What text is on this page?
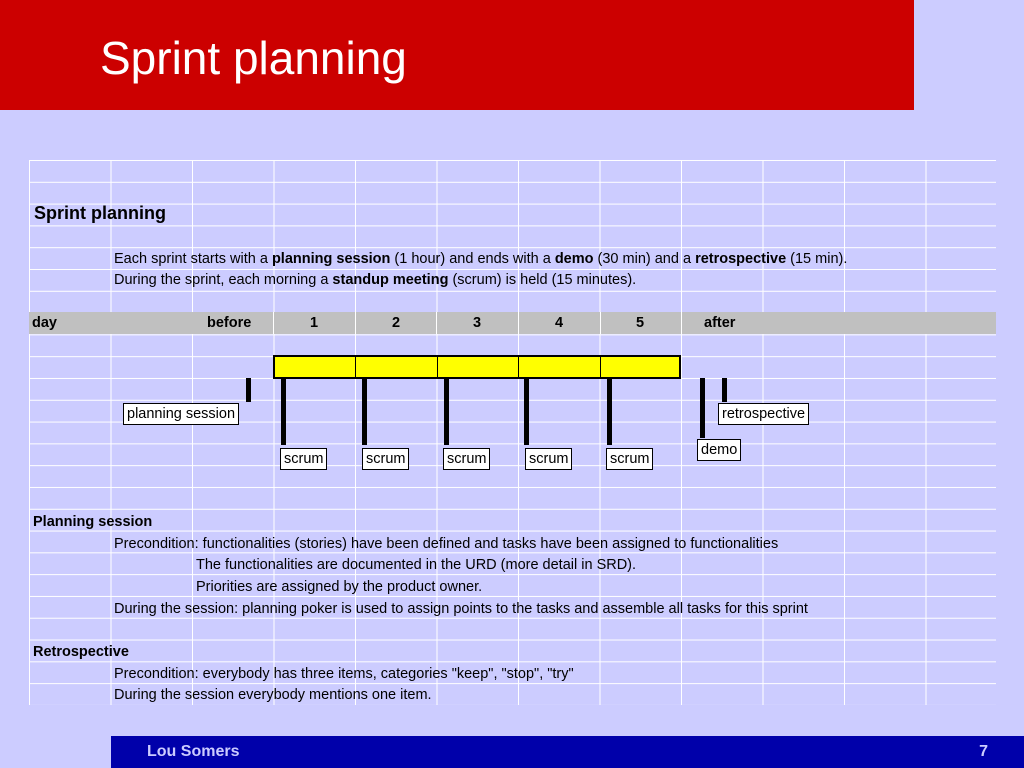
Sprint planning
Sprint planning
Each sprint starts with a planning session (1 hour) and ends with a demo (30 min) and a retrospective (15 min).
During the sprint, each morning a standup meeting (scrum) is held (15 minutes).
day	before	1	2	3	4	5	after
planning session
scrum	scrum	scrum	scrum	scrum
demo
retrospective
Planning session
Precondition: functionalities (stories) have been defined and tasks have been assigned to functionalities
The functionalities are documented in the URD (more detail in SRD).
Priorities are assigned by the product owner.
During the session: planning poker is used to assign points to the tasks and assemble all tasks for this sprint
Retrospective
Precondition: everybody has three items, categories "keep", "stop", "try"
During the session everybody mentions one item.
Lou Somers	7
